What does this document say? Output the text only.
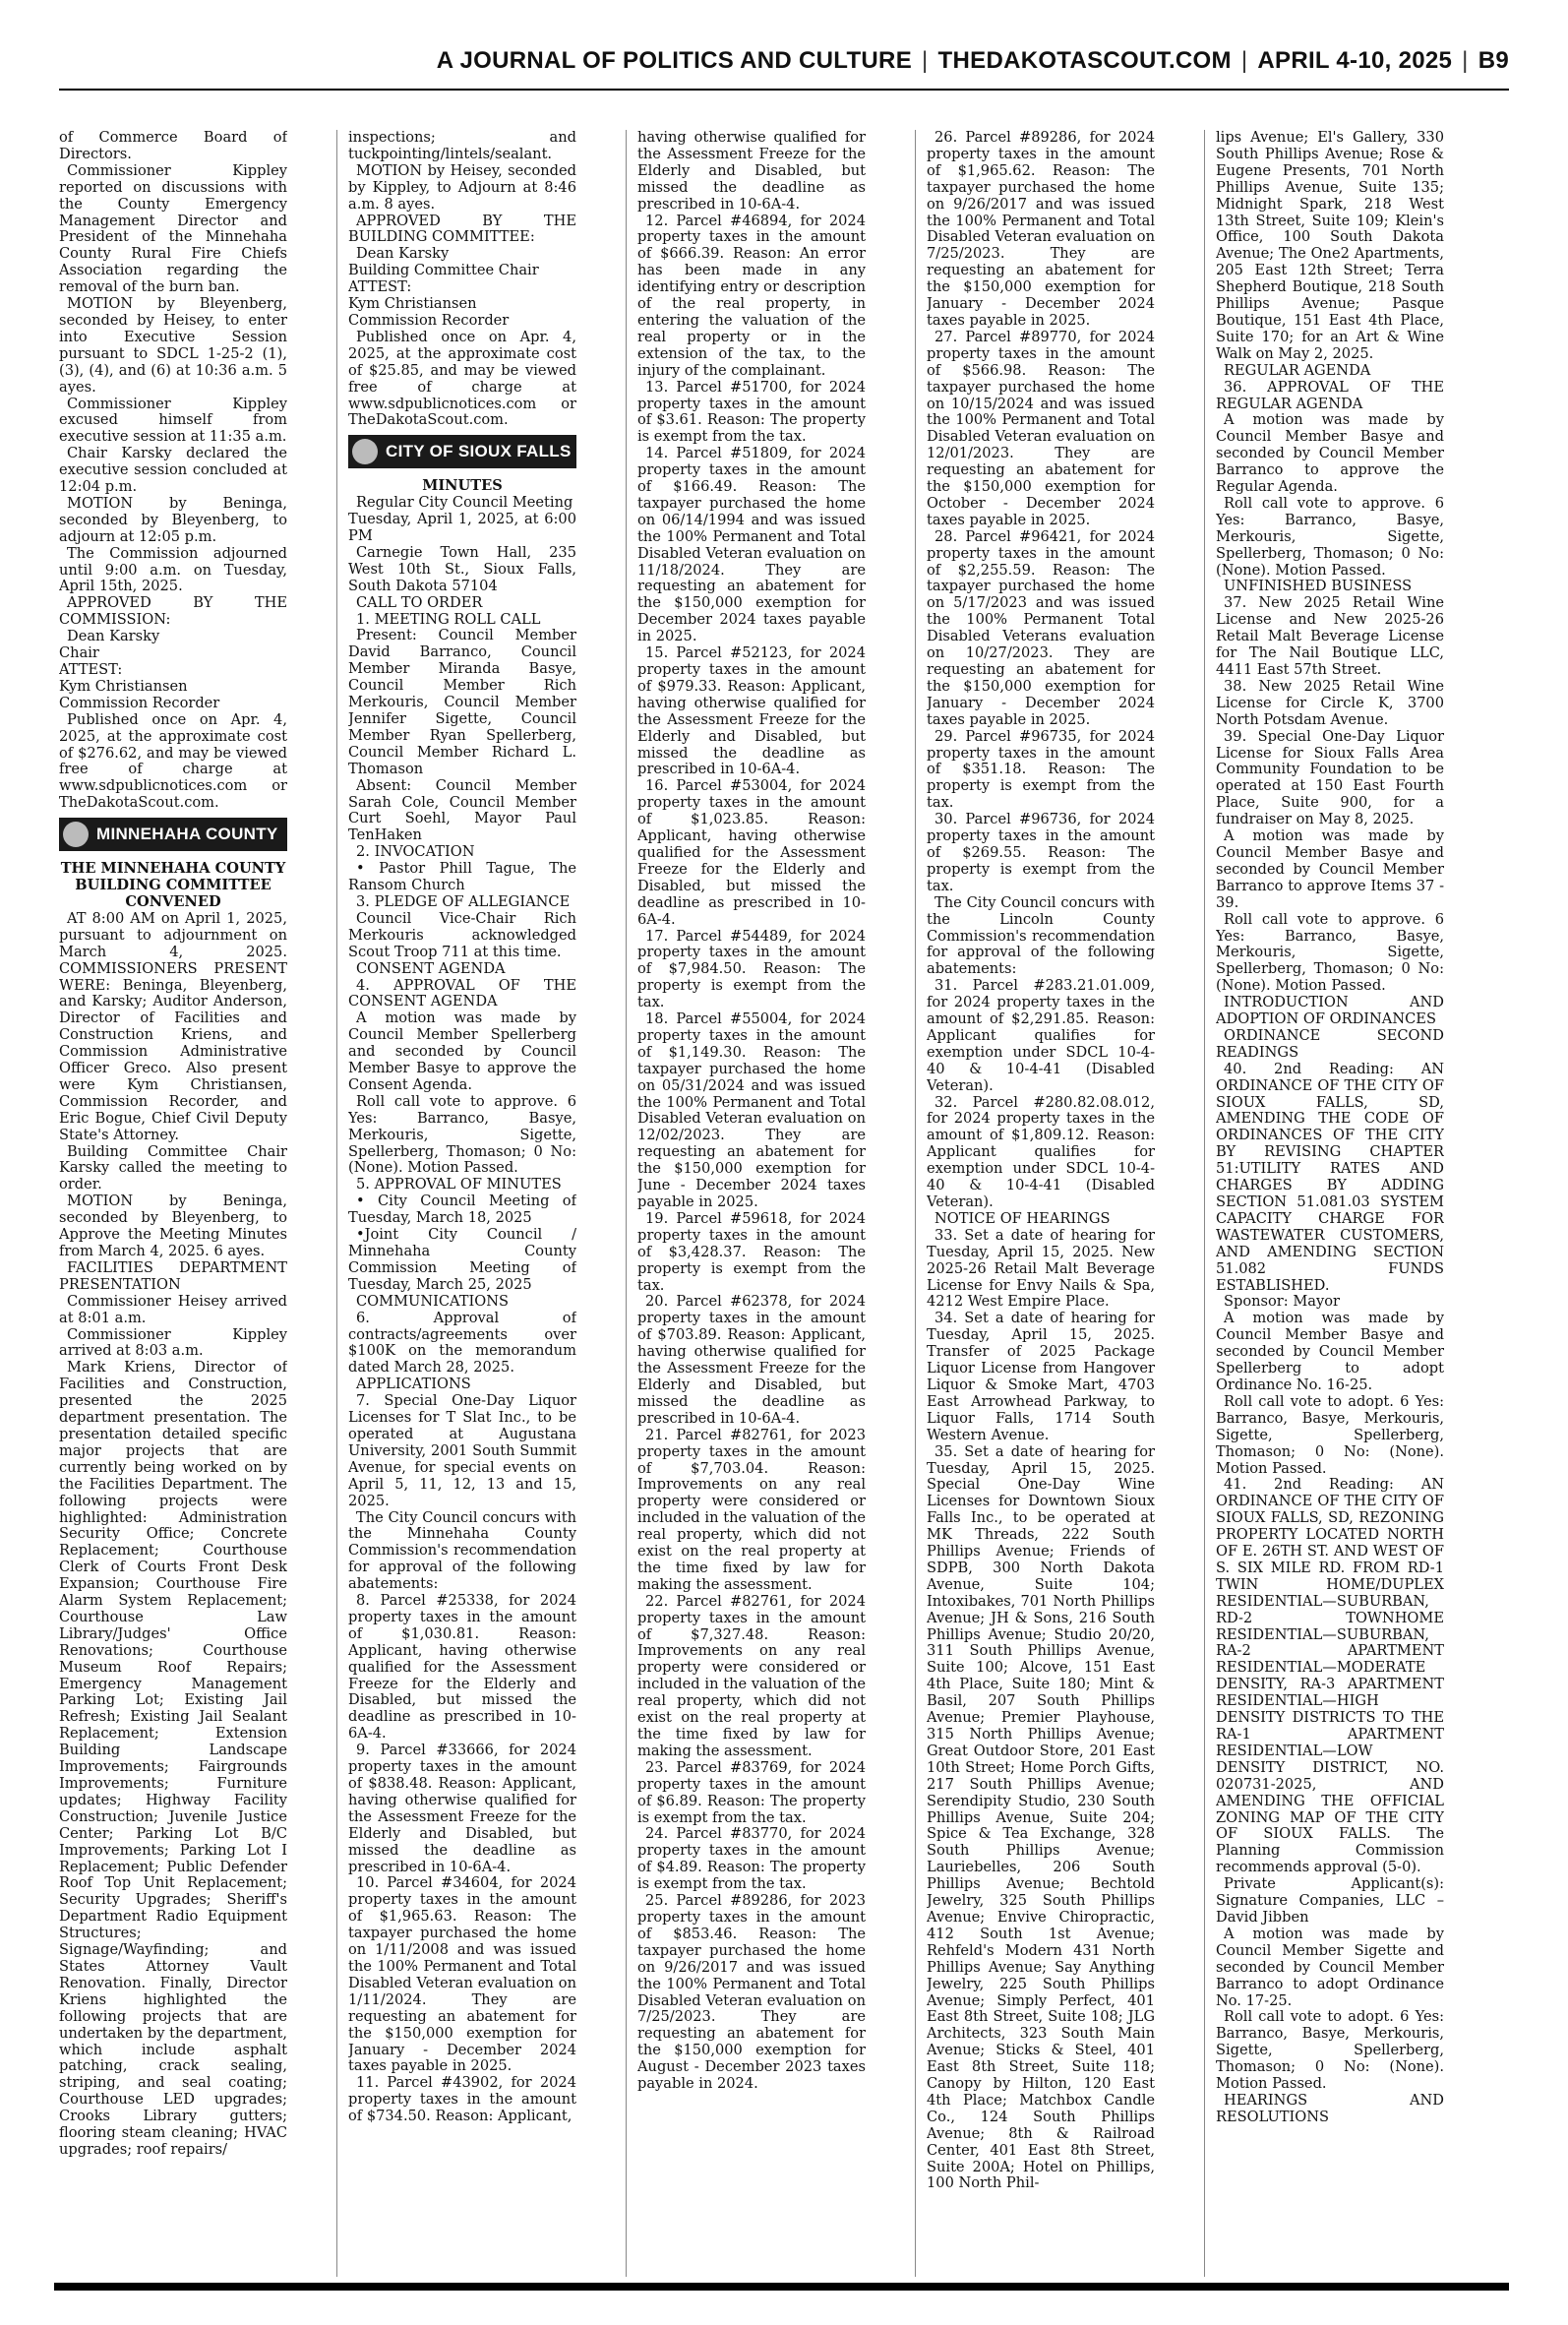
A JOURNAL OF POLITICS AND CULTURE | THEDAKOTASCOUT.COM | APRIL 4-10, 2025 | B9

of Commerce Board of Directors.

Commissioner Kippley reported on discussions with the County Emergency Management Director and President of the Minnehaha County Rural Fire Chiefs Association regarding the removal of the burn ban.

MOTION by Bleyenberg, seconded by Heisey, to enter into Executive Session pursuant to SDCL 1-25-2 (1), (3), (4), and (6) at 10:36 a.m. 5 ayes.

Commissioner Kippley excused himself from executive session at 11:35 a.m.

Chair Karsky declared the executive session concluded at 12:04 p.m.

MOTION by Beninga, seconded by Bleyenberg, to adjourn at 12:05 p.m.

The Commission adjourned until 9:00 a.m. on Tuesday, April 15th, 2025.

APPROVED BY THE COMMISSION:

Dean Karsky
Chair
ATTEST:
Kym Christiansen
Commission Recorder

Published once on Apr. 4, 2025, at the approximate cost of $276.62, and may be viewed free of charge at www.sdpublicnotices.com or TheDakotaScout.com.

MINNEHAHA COUNTY

THE MINNEHAHA COUNTY BUILDING COMMITTEE CONVENED

AT 8:00 AM on April 1, 2025, pursuant to adjournment on March 4, 2025. COMMISSIONERS PRESENT WERE: Beninga, Bleyenberg, and Karsky; Auditor Anderson, Director of Facilities and Construction Kriens, and Commission Administrative Officer Greco. Also present were Kym Christiansen, Commission Recorder, and Eric Bogue, Chief Civil Deputy State's Attorney.

Building Committee Chair Karsky called the meeting to order.

MOTION by Beninga, seconded by Bleyenberg, to Approve the Meeting Minutes from March 4, 2025. 6 ayes.

FACILITIES DEPARTMENT PRESENTATION

Commissioner Heisey arrived at 8:01 a.m.

Commissioner Kippley arrived at 8:03 a.m.

Mark Kriens, Director of Facilities and Construction, presented the 2025 department presentation. The presentation detailed specific major projects that are currently being worked on by the Facilities Department. The following projects were highlighted: Administration Security Office; Concrete Replacement; Courthouse Clerk of Courts Front Desk Expansion; Courthouse Fire Alarm System Replacement; Courthouse Law Library/Judges' Office Renovations; Courthouse Museum Roof Repairs; Emergency Management Parking Lot; Existing Jail Refresh; Existing Jail Sealant Replacement; Extension Building Landscape Improvements; Fairgrounds Improvements; Furniture updates; Highway Facility Construction; Juvenile Justice Center; Parking Lot B/C Improvements; Parking Lot I Replacement; Public Defender Roof Top Unit Replacement; Security Upgrades; Sheriff's Department Radio Equipment Structures; Signage/Wayfinding; and States Attorney Vault Renovation. Finally, Director Kriens highlighted the following projects that are undertaken by the department, which include asphalt patching, crack sealing, striping, and seal coating; Courthouse LED upgrades; Crooks Library gutters; flooring steam cleaning; HVAC upgrades; roof repairs/

inspections; and tuckpointing/lintels/sealant.

MOTION by Heisey, seconded by Kippley, to Adjourn at 8:46 a.m. 8 ayes.

APPROVED BY THE BUILDING COMMITTEE:

Dean Karsky
Building Committee Chair
ATTEST:
Kym Christiansen
Commission Recorder

Published once on Apr. 4, 2025, at the approximate cost of $25.85, and may be viewed free of charge at www.sdpublicnotices.com or TheDakotaScout.com.

CITY OF SIOUX FALLS

MINUTES

Regular City Council Meeting
Tuesday, April 1, 2025, at 6:00 PM

Carnegie Town Hall, 235 West 10th St., Sioux Falls, South Dakota 57104

CALL TO ORDER

1. MEETING ROLL CALL

Present: Council Member David Barranco, Council Member Miranda Basye, Council Member Rich Merkouris, Council Member Jennifer Sigette, Council Member Ryan Spellerberg, Council Member Richard L. Thomason

Absent: Council Member Sarah Cole, Council Member Curt Soehl, Mayor Paul TenHaken

2. INVOCATION

• Pastor Phill Tague, The Ransom Church

3. PLEDGE OF ALLEGIANCE

Council Vice-Chair Rich Merkouris acknowledged Scout Troop 711 at this time.

CONSENT AGENDA

4. APPROVAL OF THE CONSENT AGENDA

A motion was made by Council Member Spellerberg and seconded by Council Member Basye to approve the Consent Agenda.

Roll call vote to approve. 6 Yes: Barranco, Basye, Merkouris, Sigette, Spellerberg, Thomason; 0 No: (None). Motion Passed.

5. APPROVAL OF MINUTES

• City Council Meeting of Tuesday, March 18, 2025

•Joint City Council / Minnehaha County Commission Meeting of Tuesday, March 25, 2025

COMMUNICATIONS

6. Approval of contracts/agreements over $100K on the memorandum dated March 28, 2025.

APPLICATIONS

7. Special One-Day Liquor Licenses for T Slat Inc., to be operated at Augustana University, 2001 South Summit Avenue, for special events on April 5, 11, 12, 13 and 15, 2025.

The City Council concurs with the Minnehaha County Commission's recommendation for approval of the following abatements:

8. Parcel #25338, for 2024 property taxes in the amount of $1,030.81. Reason: Applicant, having otherwise qualified for the Assessment Freeze for the Elderly and Disabled, but missed the deadline as prescribed in 10-6A-4.

9. Parcel #33666, for 2024 property taxes in the amount of $838.48. Reason: Applicant, having otherwise qualified for the Assessment Freeze for the Elderly and Disabled, but missed the deadline as prescribed in 10-6A-4.

10. Parcel #34604, for 2024 property taxes in the amount of $1,965.63. Reason: The taxpayer purchased the home on 1/11/2008 and was issued the 100% Permanent and Total Disabled Veteran evaluation on 1/11/2024. They are requesting an abatement for the $150,000 exemption for January - December 2024 taxes payable in 2025.

11. Parcel #43902, for 2024 property taxes in the amount of $734.50. Reason: Applicant,

having otherwise qualified for the Assessment Freeze for the Elderly and Disabled, but missed the deadline as prescribed in 10-6A-4.

12. Parcel #46894, for 2024 property taxes in the amount of $666.39. Reason: An error has been made in any identifying entry or description of the real property, in entering the valuation of the real property or in the extension of the tax, to the injury of the complainant.

13. Parcel #51700, for 2024 property taxes in the amount of $3.61. Reason: The property is exempt from the tax.

14. Parcel #51809, for 2024 property taxes in the amount of $166.49. Reason: The taxpayer purchased the home on 06/14/1994 and was issued the 100% Permanent and Total Disabled Veteran evaluation on 11/18/2024. They are requesting an abatement for the $150,000 exemption for December 2024 taxes payable in 2025.

15. Parcel #52123, for 2024 property taxes in the amount of $979.33. Reason: Applicant, having otherwise qualified for the Assessment Freeze for the Elderly and Disabled, but missed the deadline as prescribed in 10-6A-4.

16. Parcel #53004, for 2024 property taxes in the amount of $1,023.85. Reason: Applicant, having otherwise qualified for the Assessment Freeze for the Elderly and Disabled, but missed the deadline as prescribed in 10-6A-4.

17. Parcel #54489, for 2024 property taxes in the amount of $7,984.50. Reason: The property is exempt from the tax.

18. Parcel #55004, for 2024 property taxes in the amount of $1,149.30. Reason: The taxpayer purchased the home on 05/31/2024 and was issued the 100% Permanent and Total Disabled Veteran evaluation on 12/02/2023. They are requesting an abatement for the $150,000 exemption for June - December 2024 taxes payable in 2025.

19. Parcel #59618, for 2024 property taxes in the amount of $3,428.37. Reason: The property is exempt from the tax.

20. Parcel #62378, for 2024 property taxes in the amount of $703.89. Reason: Applicant, having otherwise qualified for the Assessment Freeze for the Elderly and Disabled, but missed the deadline as prescribed in 10-6A-4.

21. Parcel #82761, for 2023 property taxes in the amount of $7,703.04. Reason: Improvements on any real property were considered or included in the valuation of the real property, which did not exist on the real property at the time fixed by law for making the assessment.

22. Parcel #82761, for 2024 property taxes in the amount of $7,327.48. Reason: Improvements on any real property were considered or included in the valuation of the real property, which did not exist on the real property at the time fixed by law for making the assessment.

23. Parcel #83769, for 2024 property taxes in the amount of $6.89. Reason: The property is exempt from the tax.

24. Parcel #83770, for 2024 property taxes in the amount of $4.89. Reason: The property is exempt from the tax.

25. Parcel #89286, for 2023 property taxes in the amount of $853.46. Reason: The taxpayer purchased the home on 9/26/2017 and was issued the 100% Permanent and Total Disabled Veteran evaluation on 7/25/2023. They are requesting an abatement for the $150,000 exemption for August - December 2023 taxes payable in 2024.

26. Parcel #89286, for 2024 property taxes in the amount of $1,965.62. Reason: The taxpayer purchased the home on 9/26/2017 and was issued the 100% Permanent and Total Disabled Veteran evaluation on 7/25/2023. They are requesting an abatement for the $150,000 exemption for January - December 2024 taxes payable in 2025.

27. Parcel #89770, for 2024 property taxes in the amount of $566.98. Reason: The taxpayer purchased the home on 10/15/2024 and was issued the 100% Permanent and Total Disabled Veteran evaluation on 12/01/2023. They are requesting an abatement for the $150,000 exemption for October - December 2024 taxes payable in 2025.

28. Parcel #96421, for 2024 property taxes in the amount of $2,255.59. Reason: The taxpayer purchased the home on 5/17/2023 and was issued the 100% Permanent Total Disabled Veterans evaluation on 10/27/2023. They are requesting an abatement for the $150,000 exemption for January - December 2024 taxes payable in 2025.

29. Parcel #96735, for 2024 property taxes in the amount of $351.18. Reason: The property is exempt from the tax.

30. Parcel #96736, for 2024 property taxes in the amount of $269.55. Reason: The property is exempt from the tax.

The City Council concurs with the Lincoln County Commission's recommendation for approval of the following abatements:

31. Parcel #283.21.01.009, for 2024 property taxes in the amount of $2,291.85. Reason: Applicant qualifies for exemption under SDCL 10-4-40 & 10-4-41 (Disabled Veteran).

32. Parcel #280.82.08.012, for 2024 property taxes in the amount of $1,809.12. Reason: Applicant qualifies for exemption under SDCL 10-4-40 & 10-4-41 (Disabled Veteran).

NOTICE OF HEARINGS

33. Set a date of hearing for Tuesday, April 15, 2025. New 2025-26 Retail Malt Beverage License for Envy Nails & Spa, 4212 West Empire Place.

34. Set a date of hearing for Tuesday, April 15, 2025. Transfer of 2025 Package Liquor License from Hangover Liquor & Smoke Mart, 4703 East Arrowhead Parkway, to Liquor Falls, 1714 South Western Avenue.

35. Set a date of hearing for Tuesday, April 15, 2025. Special One-Day Wine Licenses for Downtown Sioux Falls Inc., to be operated at MK Threads, 222 South Phillips Avenue; Friends of SDPB, 300 North Dakota Avenue, Suite 104; Intoxibakes, 701 North Phillips Avenue; JH & Sons, 216 South Phillips Avenue; Studio 20/20, 311 South Phillips Avenue, Suite 100; Alcove, 151 East 4th Place, Suite 180; Mint & Basil, 207 South Phillips Avenue; Premier Playhouse, 315 North Phillips Avenue; Great Outdoor Store, 201 East 10th Street; Home Porch Gifts, 217 South Phillips Avenue; Serendipity Studio, 230 South Phillips Avenue, Suite 204; Spice & Tea Exchange, 328 South Phillips Avenue; Lauriebelles, 206 South Phillips Avenue; Bechtold Jewelry, 325 South Phillips Avenue; Envive Chiropractic, 412 South 1st Avenue; Rehfeld's Modern 431 North Phillips Avenue; Say Anything Jewelry, 225 South Phillips Avenue; Simply Perfect, 401 East 8th Street, Suite 108; JLG Architects, 323 South Main Avenue; Sticks & Steel, 401 East 8th Street, Suite 118; Canopy by Hilton, 120 East 4th Place; Matchbox Candle Co., 124 South Phillips Avenue; 8th & Railroad Center, 401 East 8th Street, Suite 200A; Hotel on Phillips, 100 North Phil-

lips Avenue; El's Gallery, 330 South Phillips Avenue; Rose & Eugene Presents, 701 North Phillips Avenue, Suite 135; Midnight Spark, 218 West 13th Street, Suite 109; Klein's Office, 100 South Dakota Avenue; The One2 Apartments, 205 East 12th Street; Terra Shepherd Boutique, 218 South Phillips Avenue; Pasque Boutique, 151 East 4th Place, Suite 170; for an Art & Wine Walk on May 2, 2025.

REGULAR AGENDA

36. APPROVAL OF THE REGULAR AGENDA

A motion was made by Council Member Basye and seconded by Council Member Barranco to approve the Regular Agenda.

Roll call vote to approve. 6 Yes: Barranco, Basye, Merkouris, Sigette, Spellerberg, Thomason; 0 No: (None). Motion Passed.

UNFINISHED BUSINESS

37. New 2025 Retail Wine License and New 2025-26 Retail Malt Beverage License for The Nail Boutique LLC, 4411 East 57th Street.

38. New 2025 Retail Wine License for Circle K, 3700 North Potsdam Avenue.

39. Special One-Day Liquor License for Sioux Falls Area Community Foundation to be operated at 150 East Fourth Place, Suite 900, for a fundraiser on May 8, 2025.

A motion was made by Council Member Basye and seconded by Council Member Barranco to approve Items 37 - 39.

Roll call vote to approve. 6 Yes: Barranco, Basye, Merkouris, Sigette, Spellerberg, Thomason; 0 No: (None). Motion Passed.

INTRODUCTION AND ADOPTION OF ORDINANCES

ORDINANCE SECOND READINGS

40. 2nd Reading: AN ORDINANCE OF THE CITY OF SIOUX FALLS, SD, AMENDING THE CODE OF ORDINANCES OF THE CITY BY REVISING CHAPTER 51:UTILITY RATES AND CHARGES BY ADDING SECTION 51.081.03 SYSTEM CAPACITY CHARGE FOR WASTEWATER CUSTOMERS, AND AMENDING SECTION 51.082 FUNDS ESTABLISHED.

Sponsor: Mayor

A motion was made by Council Member Basye and seconded by Council Member Spellerberg to adopt Ordinance No. 16-25.

Roll call vote to adopt. 6 Yes: Barranco, Basye, Merkouris, Sigette, Spellerberg, Thomason; 0 No: (None). Motion Passed.

41. 2nd Reading: AN ORDINANCE OF THE CITY OF SIOUX FALLS, SD, REZONING PROPERTY LOCATED NORTH OF E. 26TH ST. AND WEST OF S. SIX MILE RD. FROM RD-1 TWIN HOME/DUPLEX RESIDENTIAL—SUBURBAN, RD-2 TOWNHOME RESIDENTIAL—SUBURBAN, RA-2 APARTMENT RESIDENTIAL—MODERATE DENSITY, RA-3 APARTMENT RESIDENTIAL—HIGH DENSITY DISTRICTS TO THE RA-1 APARTMENT RESIDENTIAL—LOW DENSITY DISTRICT, NO. 020731-2025, AND AMENDING THE OFFICIAL ZONING MAP OF THE CITY OF SIOUX FALLS. The Planning Commission recommends approval (5-0).

Private Applicant(s): Signature Companies, LLC – David Jibben

A motion was made by Council Member Sigette and seconded by Council Member Barranco to adopt Ordinance No. 17-25.

Roll call vote to adopt. 6 Yes: Barranco, Basye, Merkouris, Sigette, Spellerberg, Thomason; 0 No: (None). Motion Passed.

HEARINGS AND RESOLUTIONS
